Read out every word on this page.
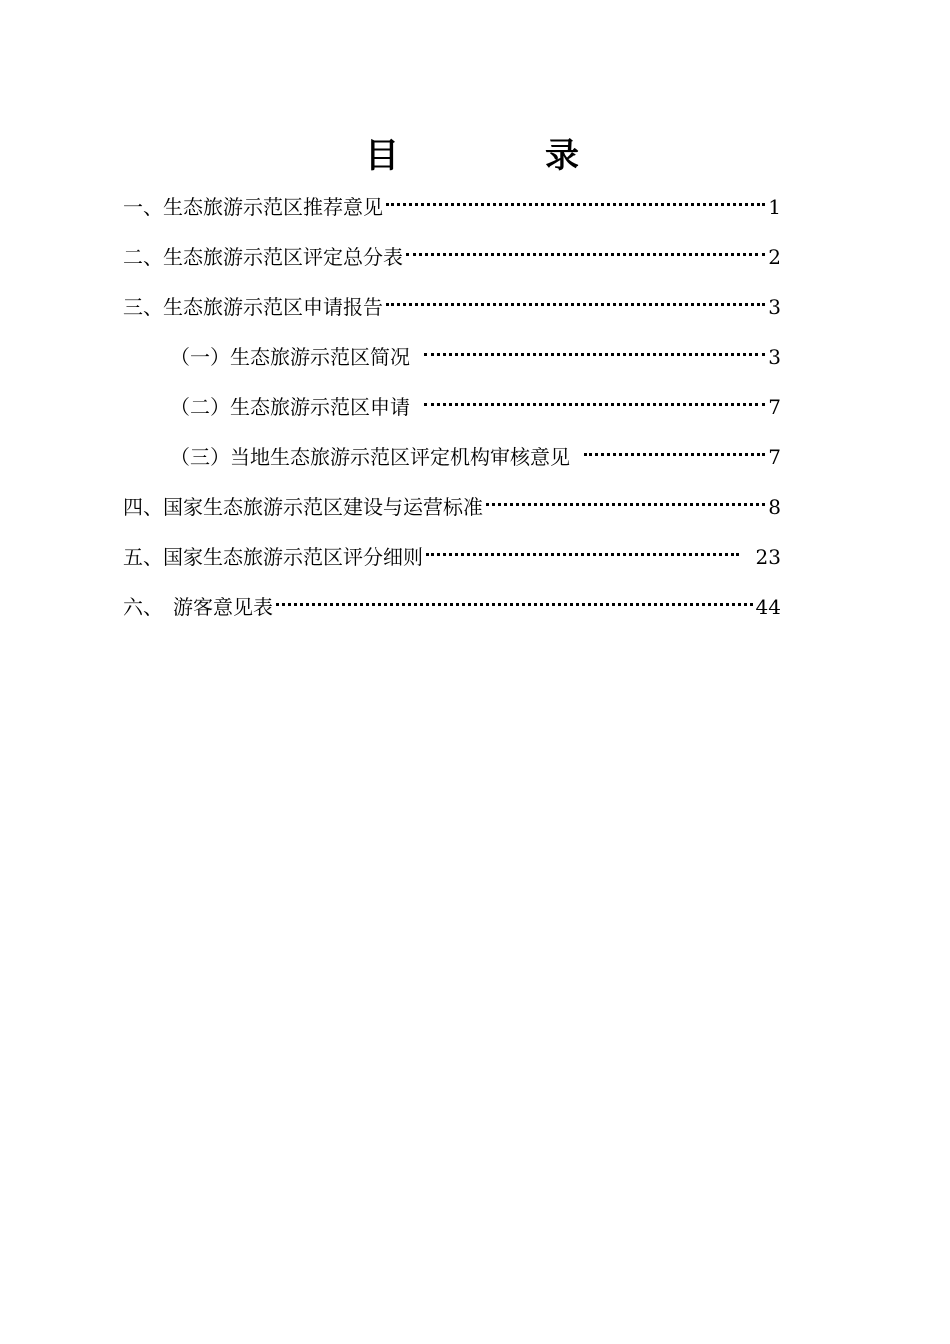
目　录
一、生态旅游示范区推荐意见	1
二、生态旅游示范区评定总分表	2
三、生态旅游示范区申请报告	3
（一）生态旅游示范区简况	3
（二）生态旅游示范区申请	7
（三）当地生态旅游示范区评定机构审核意见	7
四、国家生态旅游示范区建设与运营标准	8
五、国家生态旅游示范区评分细则	23
六、　游客意见表	44
